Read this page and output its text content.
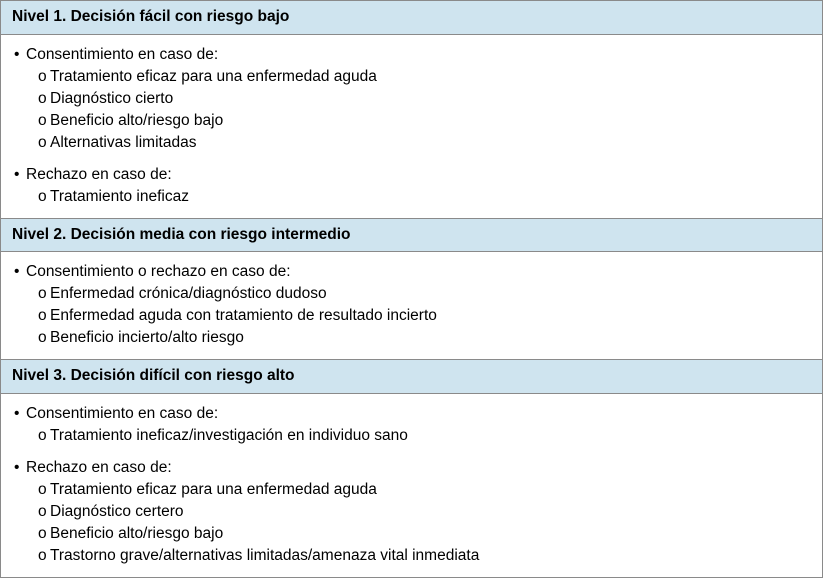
Nivel 1. Decisión fácil con riesgo bajo
• Consentimiento en caso de:
o Tratamiento eficaz para una enfermedad aguda
o Diagnóstico cierto
o Beneficio alto/riesgo bajo
o Alternativas limitadas
• Rechazo en caso de:
o Tratamiento ineficaz
Nivel 2. Decisión media con riesgo intermedio
• Consentimiento o rechazo en caso de:
o Enfermedad crónica/diagnóstico dudoso
o Enfermedad aguda con tratamiento de resultado incierto
o Beneficio incierto/alto riesgo
Nivel 3. Decisión difícil con riesgo alto
• Consentimiento en caso de:
o Tratamiento ineficaz/investigación en individuo sano
• Rechazo en caso de:
o Tratamiento eficaz para una enfermedad aguda
o Diagnóstico certero
o Beneficio alto/riesgo bajo
o Trastorno grave/alternativas limitadas/amenaza vital inmediata
